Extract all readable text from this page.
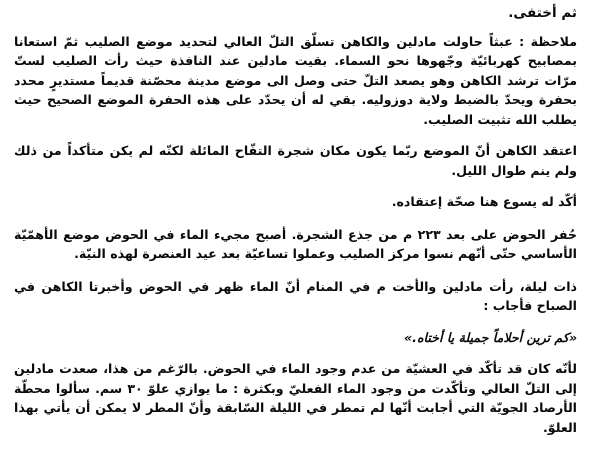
ثم أختفى.

ملاحظة : عبثاً حاولت مادلين والكاهن تسلّق التلّ العالي لتحديد موضع الصليب ثمّ استعانا بمصابيح كهربائيّة وجّهوها نحو السماء. بقيت مادلين عند النافذة حيث رأت الصليب لستّ مرّات ترشد الكاهن وهو يصعد التلّ حتى وصل الى موضع مدينة محصّنة قديماً مستديرٍ محدد بحفرة ويحدّ بالضبط ولاية دوزوليه. بقي له أن يحدّد على هذه الحفرة الموضع الصحيح حيث يطلب الله تثبيت الصليب.

اعتقد الكاهن أنّ الموضع ربّما يكون مكان شجرة التفّاح المائلة لكنّه لم يكن متأكداً من ذلك ولم ينم طوال الليل.

أكّد له يسوع هنا صحّة إعتقاده.

حُفر الحوض على بعد ٢٢٣ م من جذع الشجرة. أصبح مجيء الماء في الحوض موضع الأهمّيّة الأساسي حتّى أنّهم نسوا مركز الصليب وعملوا تساعيّة بعد عيد العنصرة لهذه النيّة.

ذات ليلة، رأت مادلين والأخت م في المنام أنّ الماء ظهر في الحوض وأخبرتا الكاهن في الصباح فأجاب :

«كم ترين أحلاماً جميلة يا أختاه.»

لأنّه كان قد تأكّد في العشيّة من عدم وجود الماء في الحوض. بالرّغم من هذا، صعدت مادلين إلى التلّ العالي وتأكّدت من وجود الماء الفعليّ وبكثرة : ما يوازي علوّ ٣٠ سم. سألوا محطّة الأرصاد الجويّة التي أجابت أنّها لم تمطر في الليلة السّابقة وأنّ المطر لا يمكن أن يأتي بهذا العلوّ.
